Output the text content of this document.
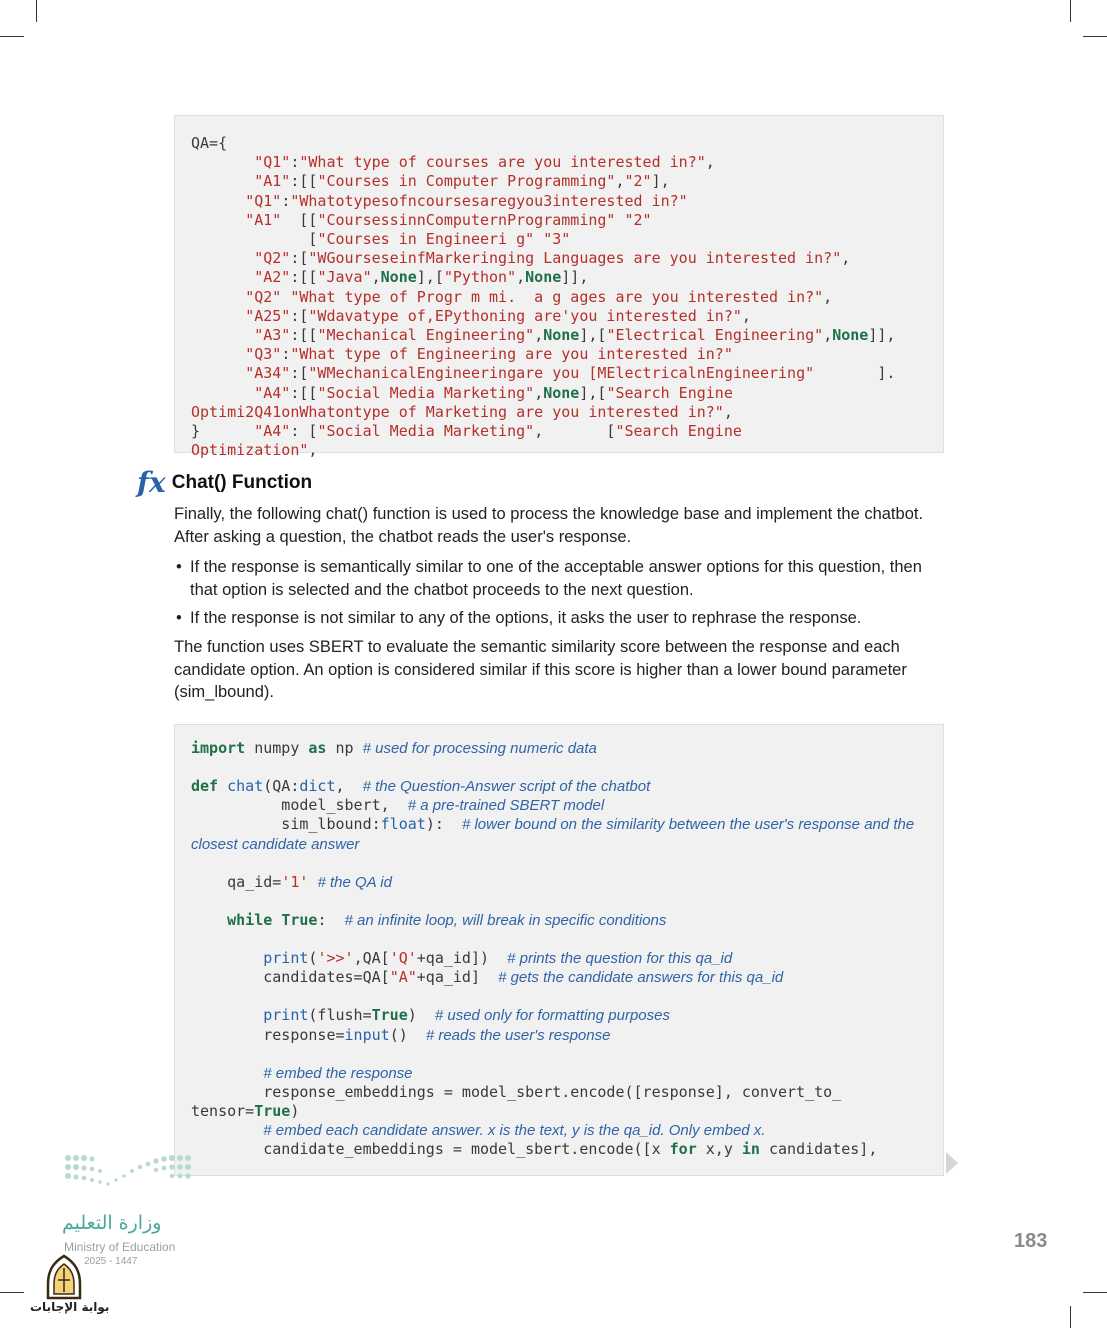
QA={
"Q1":"What type of courses are you interested in?",
"A1":[["Courses in Computer Programming","2"],
"Q1":"Whatotypesofncoursesaregyou3interested in?"
"A1"  [["CoursessinnComputernProgramming" "2"
["Courses in Engineeri g" "3"
"Q2":["WGourseseinfMarkeringing Languages are you interested in?",
"A2":[["Java",None],["Python",None]],
"Q2" "What type of Progr m mi.  a g ages are you interested in?",
"A25":["Wdavatype of,EPythoning are'you interested in?",
"A3":[["Mechanical Engineering",None],["Electrical Engineering",None]],
"Q3":"What type of Engineering are you interested in?"
"A34":["WMechanicalEngineeringare you [MElectricalnEngineering"       ].
"A4":[["Social Media Marketing",None],["Search Engine
Optimi2Q41onWhatontype of Marketing are you interested in?",
}      "A4": ["Social Media Marketing",       ["Search Engine
Optimization",
fx Chat() Function
Finally, the following chat() function is used to process the knowledge base and implement the chatbot. After asking a question, the chatbot reads the user's response.
• If the response is semantically similar to one of the acceptable answer options for this question, then that option is selected and the chatbot proceeds to the next question.
• If the response is not similar to any of the options, it asks the user to rephrase the response.
The function uses SBERT to evaluate the semantic similarity score between the response and each candidate option. An option is considered similar if this score is higher than a lower bound parameter (sim_lbound).

import numpy as np # used for processing numeric data
def chat(QA:dict,  # the Question-Answer script of the chatbot
model_sbert,  # a pre-trained SBERT model
sim_lbound:float):  # lower bound on the similarity between the user's response and the
closest candidate answer
qa_id='1' # the QA id
while True:  # an infinite loop, will break in specific conditions
print('>>',QA['Q'+qa_id])  # prints the question for this qa_id
candidates=QA["A"+qa_id]  # gets the candidate answers for this qa_id
print(flush=True)  # used only for formatting purposes
response=input()  # reads the user's response
# embed the response
response_embeddings = model_sbert.encode([response], convert_to_
tensor=True)
# embed each candidate answer. x is the text, y is the qa_id. Only embed x.
candidate_embeddings = model_sbert.encode([x for x,y in candidates],
وزارة التعليم
Ministry of Education
2025 - 1447
بوابة الإجابات
183
